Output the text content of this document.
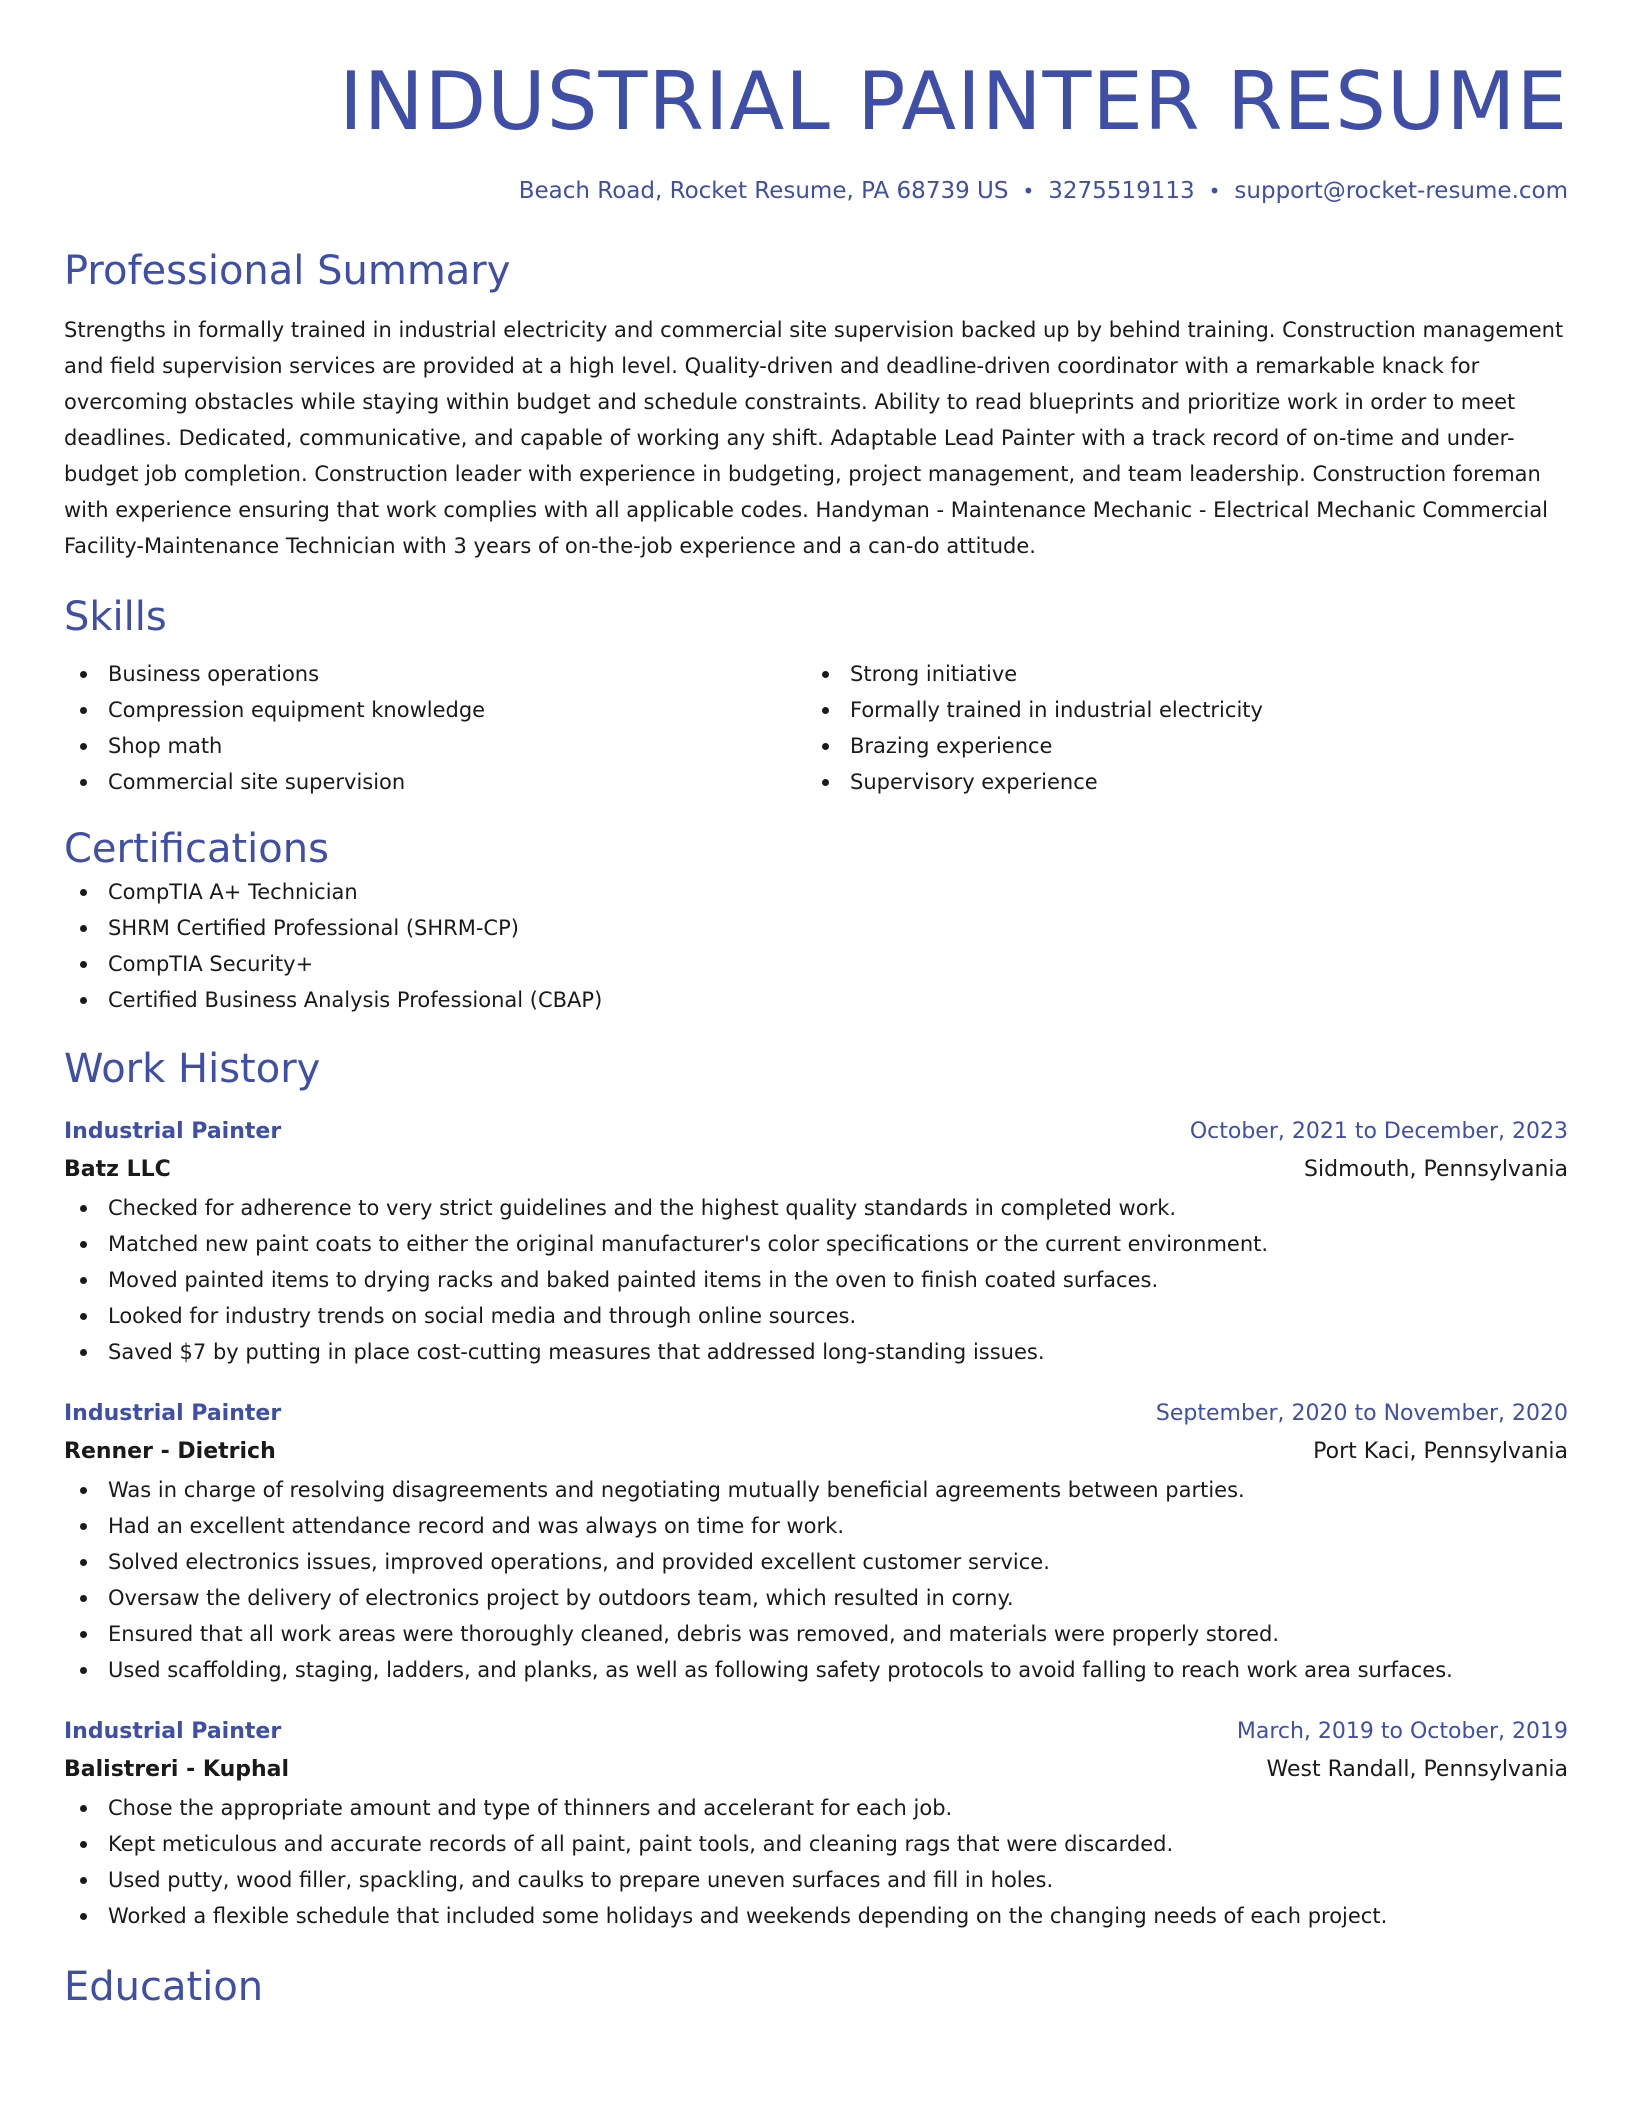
INDUSTRIAL PAINTER RESUME
Beach Road, Rocket Resume, PA 68739 US • 3275519113 • support@rocket-resume.com
Professional Summary
Strengths in formally trained in industrial electricity and commercial site supervision backed up by behind training. Construction management and field supervision services are provided at a high level. Quality-driven and deadline-driven coordinator with a remarkable knack for overcoming obstacles while staying within budget and schedule constraints. Ability to read blueprints and prioritize work in order to meet deadlines. Dedicated, communicative, and capable of working any shift. Adaptable Lead Painter with a track record of on-time and under-budget job completion. Construction leader with experience in budgeting, project management, and team leadership. Construction foreman with experience ensuring that work complies with all applicable codes. Handyman - Maintenance Mechanic - Electrical Mechanic Commercial Facility-Maintenance Technician with 3 years of on-the-job experience and a can-do attitude.
Skills
Business operations
Compression equipment knowledge
Shop math
Commercial site supervision
Strong initiative
Formally trained in industrial electricity
Brazing experience
Supervisory experience
Certifications
CompTIA A+ Technician
SHRM Certified Professional (SHRM-CP)
CompTIA Security+
Certified Business Analysis Professional (CBAP)
Work History
Industrial Painter	October, 2021 to December, 2023
Batz LLC	Sidmouth, Pennsylvania
Checked for adherence to very strict guidelines and the highest quality standards in completed work.
Matched new paint coats to either the original manufacturer's color specifications or the current environment.
Moved painted items to drying racks and baked painted items in the oven to finish coated surfaces.
Looked for industry trends on social media and through online sources.
Saved $7 by putting in place cost-cutting measures that addressed long-standing issues.
Industrial Painter	September, 2020 to November, 2020
Renner - Dietrich	Port Kaci, Pennsylvania
Was in charge of resolving disagreements and negotiating mutually beneficial agreements between parties.
Had an excellent attendance record and was always on time for work.
Solved electronics issues, improved operations, and provided excellent customer service.
Oversaw the delivery of electronics project by outdoors team, which resulted in corny.
Ensured that all work areas were thoroughly cleaned, debris was removed, and materials were properly stored.
Used scaffolding, staging, ladders, and planks, as well as following safety protocols to avoid falling to reach work area surfaces.
Industrial Painter	March, 2019 to October, 2019
Balistreri - Kuphal	West Randall, Pennsylvania
Chose the appropriate amount and type of thinners and accelerant for each job.
Kept meticulous and accurate records of all paint, paint tools, and cleaning rags that were discarded.
Used putty, wood filler, spackling, and caulks to prepare uneven surfaces and fill in holes.
Worked a flexible schedule that included some holidays and weekends depending on the changing needs of each project.
Education
